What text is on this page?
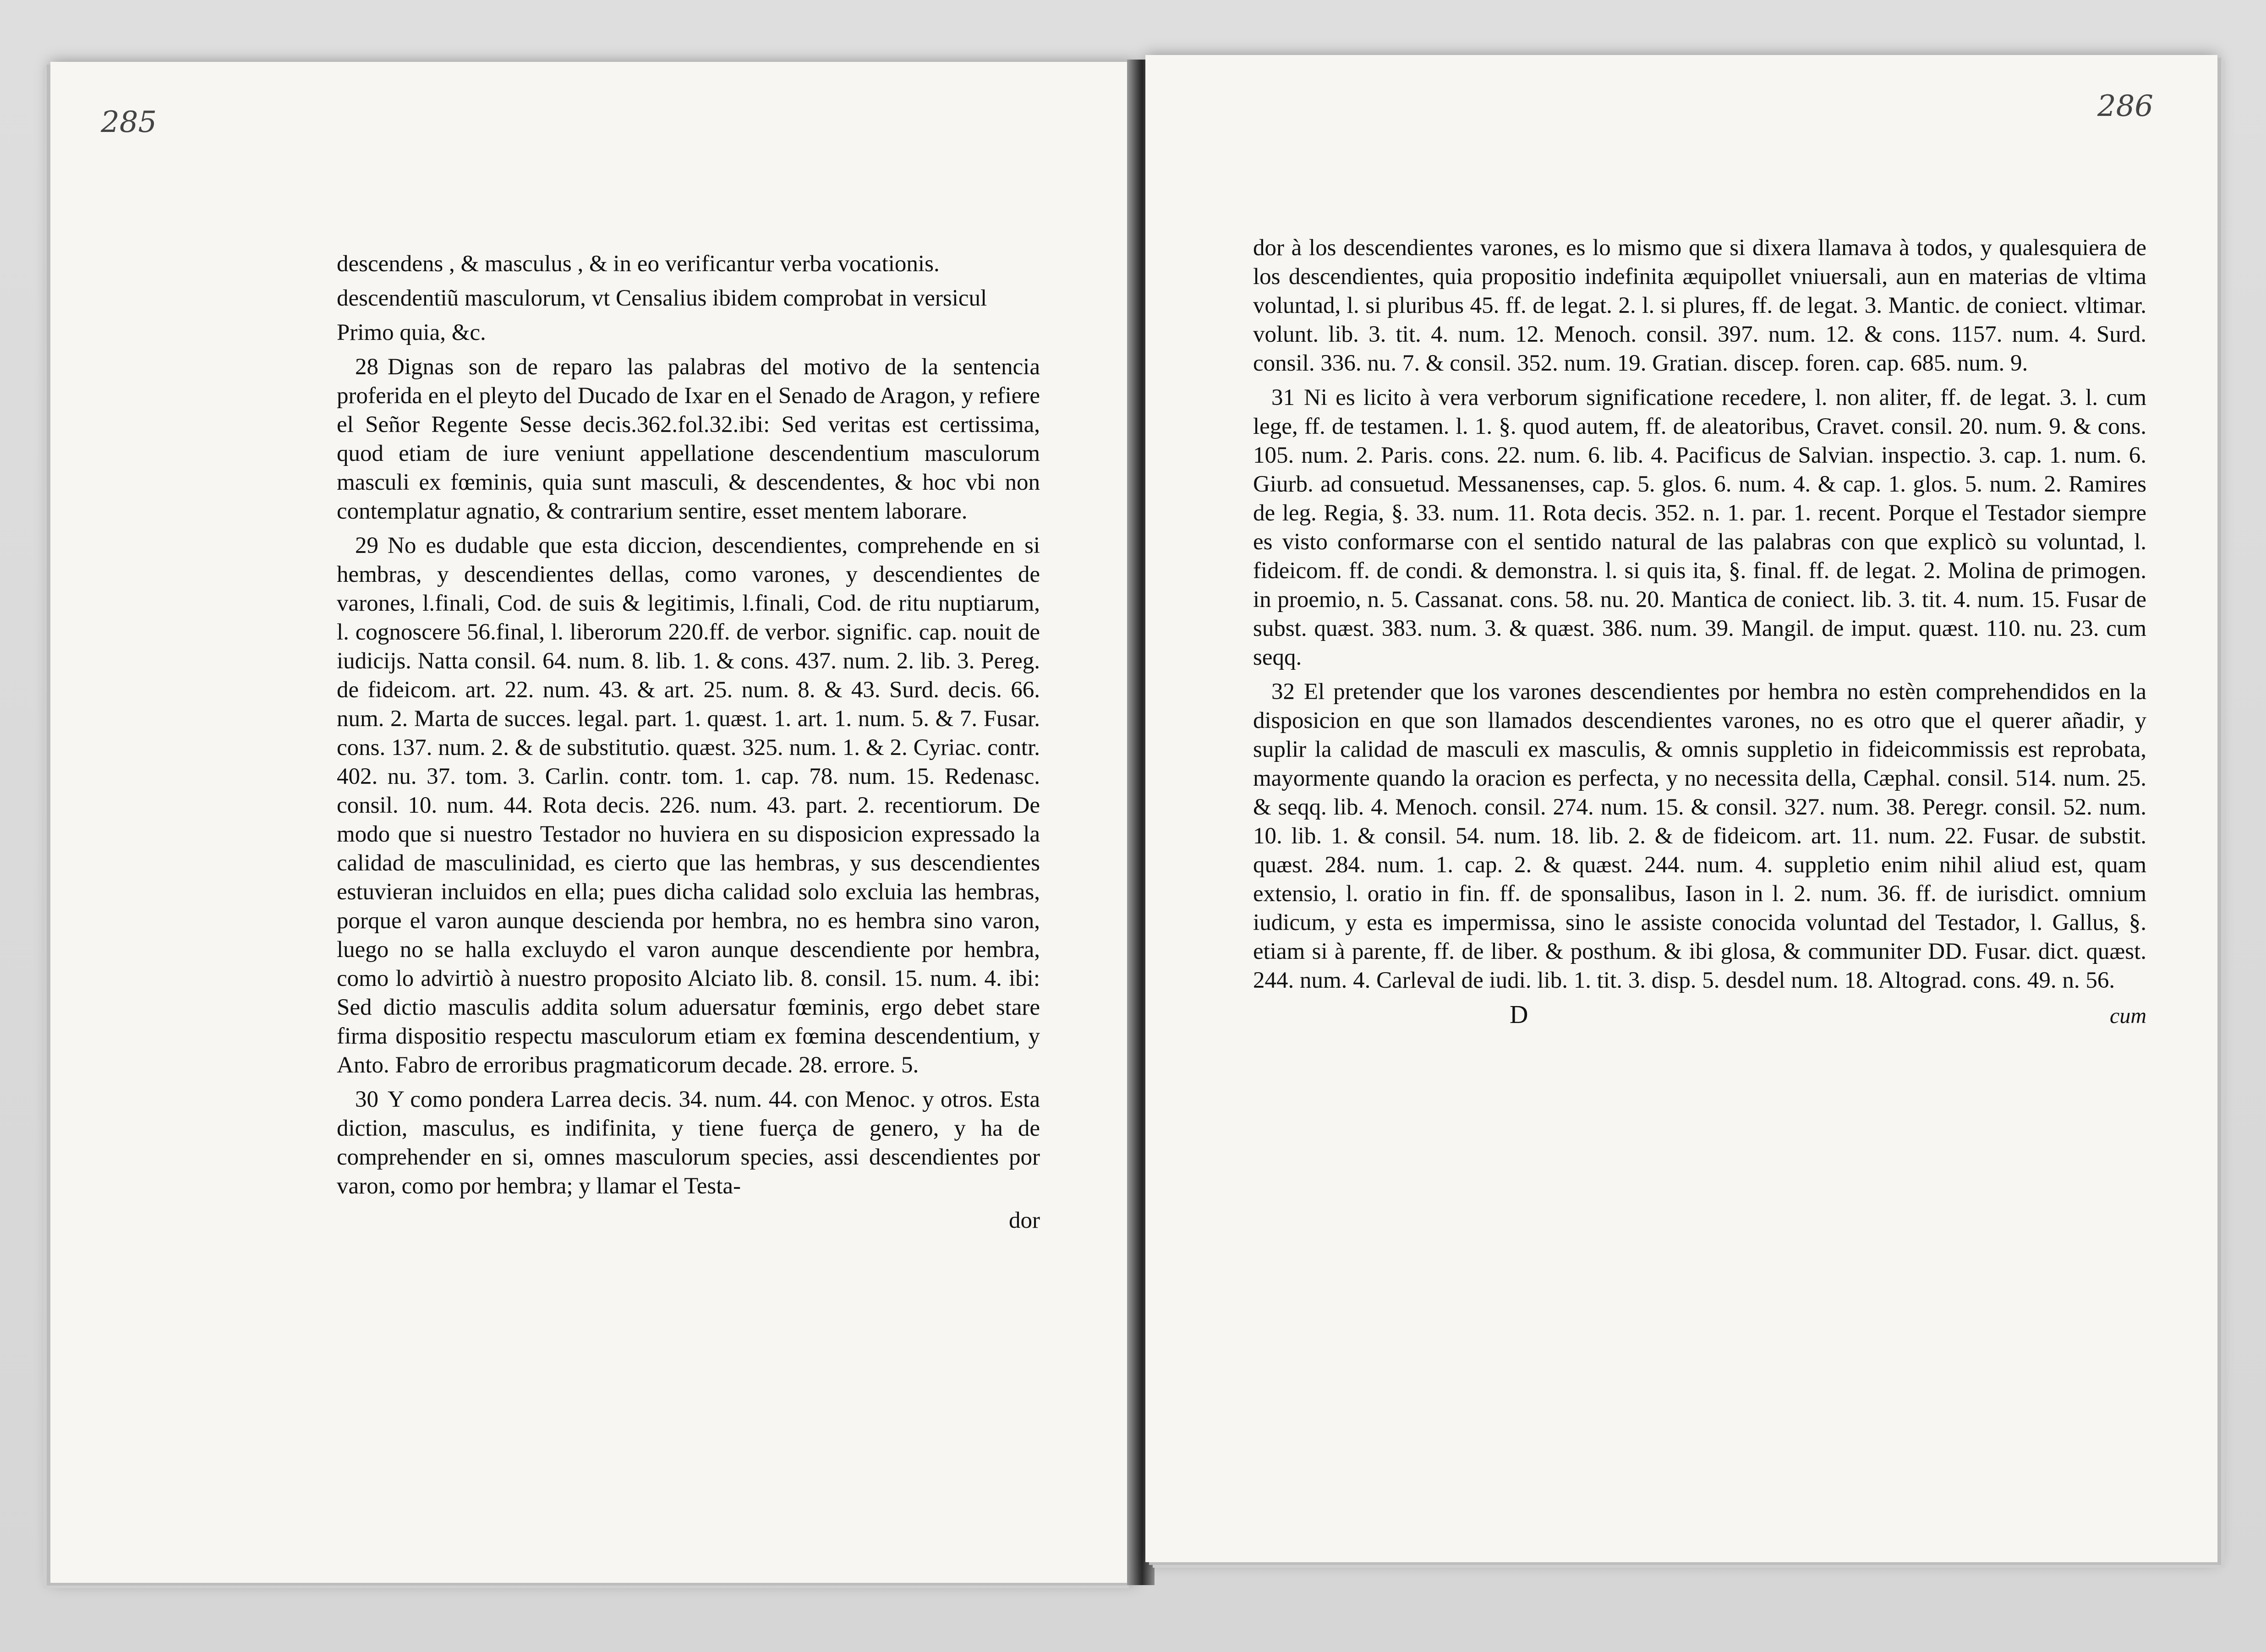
285

descendens , & masculus , & in eo verificantur verba vocationis.

descendentiũ masculorum, vt Censalius ibidem comprobat in versicul

Primo quia, &c.

28 Dignas son de reparo las palabras del motivo de la sentencia proferida en el pleyto del Ducado de Ixar en el Senado de Aragon, y refiere el Señor Regente Sesse decis.362.fol.32.ibi: Sed veritas est certissima, quod etiam de iure veniunt appellatione descendentium masculorum masculi ex fœminis, quia sunt masculi, & descendentes, & hoc vbi non contemplatur agnatio, & contrarium sentire, esset mentem laborare.

29 No es dudable que esta diccion, descendientes, comprehende en si hembras, y descendientes dellas, como varones, y descendientes de varones, l.finali, Cod. de suis & legitimis, l.finali, Cod. de ritu nuptiarum, l. cognoscere 56.final, l. liberorum 220.ff. de verbor. signific. cap. nouit de iudicijs. Natta consil. 64. num. 8. lib. 1. & cons. 437. num. 2. lib. 3. Pereg. de fideicom. art. 22. num. 43. & art. 25. num. 8. & 43. Surd. decis. 66. num. 2. Marta de succes. legal. part. 1. quæst. 1. art. 1. num. 5. & 7. Fusar. cons. 137. num. 2. & de substitutio. quæst. 325. num. 1. & 2. Cyriac. contr. 402. nu. 37. tom. 3. Carlin. contr. tom. 1. cap. 78. num. 15. Redenasc. consil. 10. num. 44. Rota decis. 226. num. 43. part. 2. recentiorum. De modo que si nuestro Testador no huviera en su disposicion expressado la calidad de masculinidad, es cierto que las hembras, y sus descendientes estuvieran incluidos en ella; pues dicha calidad solo excluia las hembras, porque el varon aunque descienda por hembra, no es hembra sino varon, luego no se halla excluydo el varon aunque descendiente por hembra, como lo advirtiò à nuestro proposito Alciato lib. 8. consil. 15. num. 4. ibi: Sed dictio masculis addita solum aduersatur fœminis, ergo debet stare firma dispositio respectu masculorum etiam ex fœmina descendentium, y Anto. Fabro de erroribus pragmaticorum decade. 28. errore. 5.

30 Y como pondera Larrea decis. 34. num. 44. con Menoc. y otros. Esta diction, masculus, es indifinita, y tiene fuerça de genero, y ha de comprehender en si, omnes masculorum species, assi descendientes por varon, como por hembra; y llamar el Testa-

dor

286

dor à los descendientes varones, es lo mismo que si dixera llamava à todos, y qualesquiera de los descendientes, quia propositio indefinita æquipollet vniuersali, aun en materias de vltima voluntad, l. si pluribus 45. ff. de legat. 2. l. si plures, ff. de legat. 3. Mantic. de coniect. vltimar. volunt. lib. 3. tit. 4. num. 12. Menoch. consil. 397. num. 12. & cons. 1157. num. 4. Surd. consil. 336. nu. 7. & consil. 352. num. 19. Gratian. discep. foren. cap. 685. num. 9.

31 Ni es licito à vera verborum significatione recedere, l. non aliter, ff. de legat. 3. l. cum lege, ff. de testamen. l. 1. §. quod autem, ff. de aleatoribus, Cravet. consil. 20. num. 9. & cons. 105. num. 2. Paris. cons. 22. num. 6. lib. 4. Pacificus de Salvian. inspectio. 3. cap. 1. num. 6. Giurb. ad consuetud. Messanenses, cap. 5. glos. 6. num. 4. & cap. 1. glos. 5. num. 2. Ramires de leg. Regia, §. 33. num. 11. Rota decis. 352. n. 1. par. 1. recent. Porque el Testador siempre es visto conformarse con el sentido natural de las palabras con que explicò su voluntad, l. fideicom. ff. de condi. & demonstra. l. si quis ita, §. final. ff. de legat. 2. Molina de primogen. in proemio, n. 5. Cassanat. cons. 58. nu. 20. Mantica de coniect. lib. 3. tit. 4. num. 15. Fusar de subst. quæst. 383. num. 3. & quæst. 386. num. 39. Mangil. de imput. quæst. 110. nu. 23. cum seqq.

32 El pretender que los varones descendientes por hembra no estèn comprehendidos en la disposicion en que son llamados descendientes varones, no es otro que el querer añadir, y suplir la calidad de masculi ex masculis, & omnis suppletio in fideicommissis est reprobata, mayormente quando la oracion es perfecta, y no necessita della, Cæphal. consil. 514. num. 25. & seqq. lib. 4. Menoch. consil. 274. num. 15. & consil. 327. num. 38. Peregr. consil. 52. num. 10. lib. 1. & consil. 54. num. 18. lib. 2. & de fideicom. art. 11. num. 22. Fusar. de substit. quæst. 284. num. 1. cap. 2. & quæst. 244. num. 4. suppletio enim nihil aliud est, quam extensio, l. oratio in fin. ff. de sponsalibus, Iason in l. 2. num. 36. ff. de iurisdict. omnium iudicum, y esta es impermissa, sino le assiste conocida voluntad del Testador, l. Gallus, §. etiam si à parente, ff. de liber. & posthum. & ibi glosa, & communiter DD. Fusar. dict. quæst. 244. num. 4. Carleval de iudi. lib. 1. tit. 3. disp. 5. desdel num. 18. Altograd. cons. 49. n. 56.

D	cum
